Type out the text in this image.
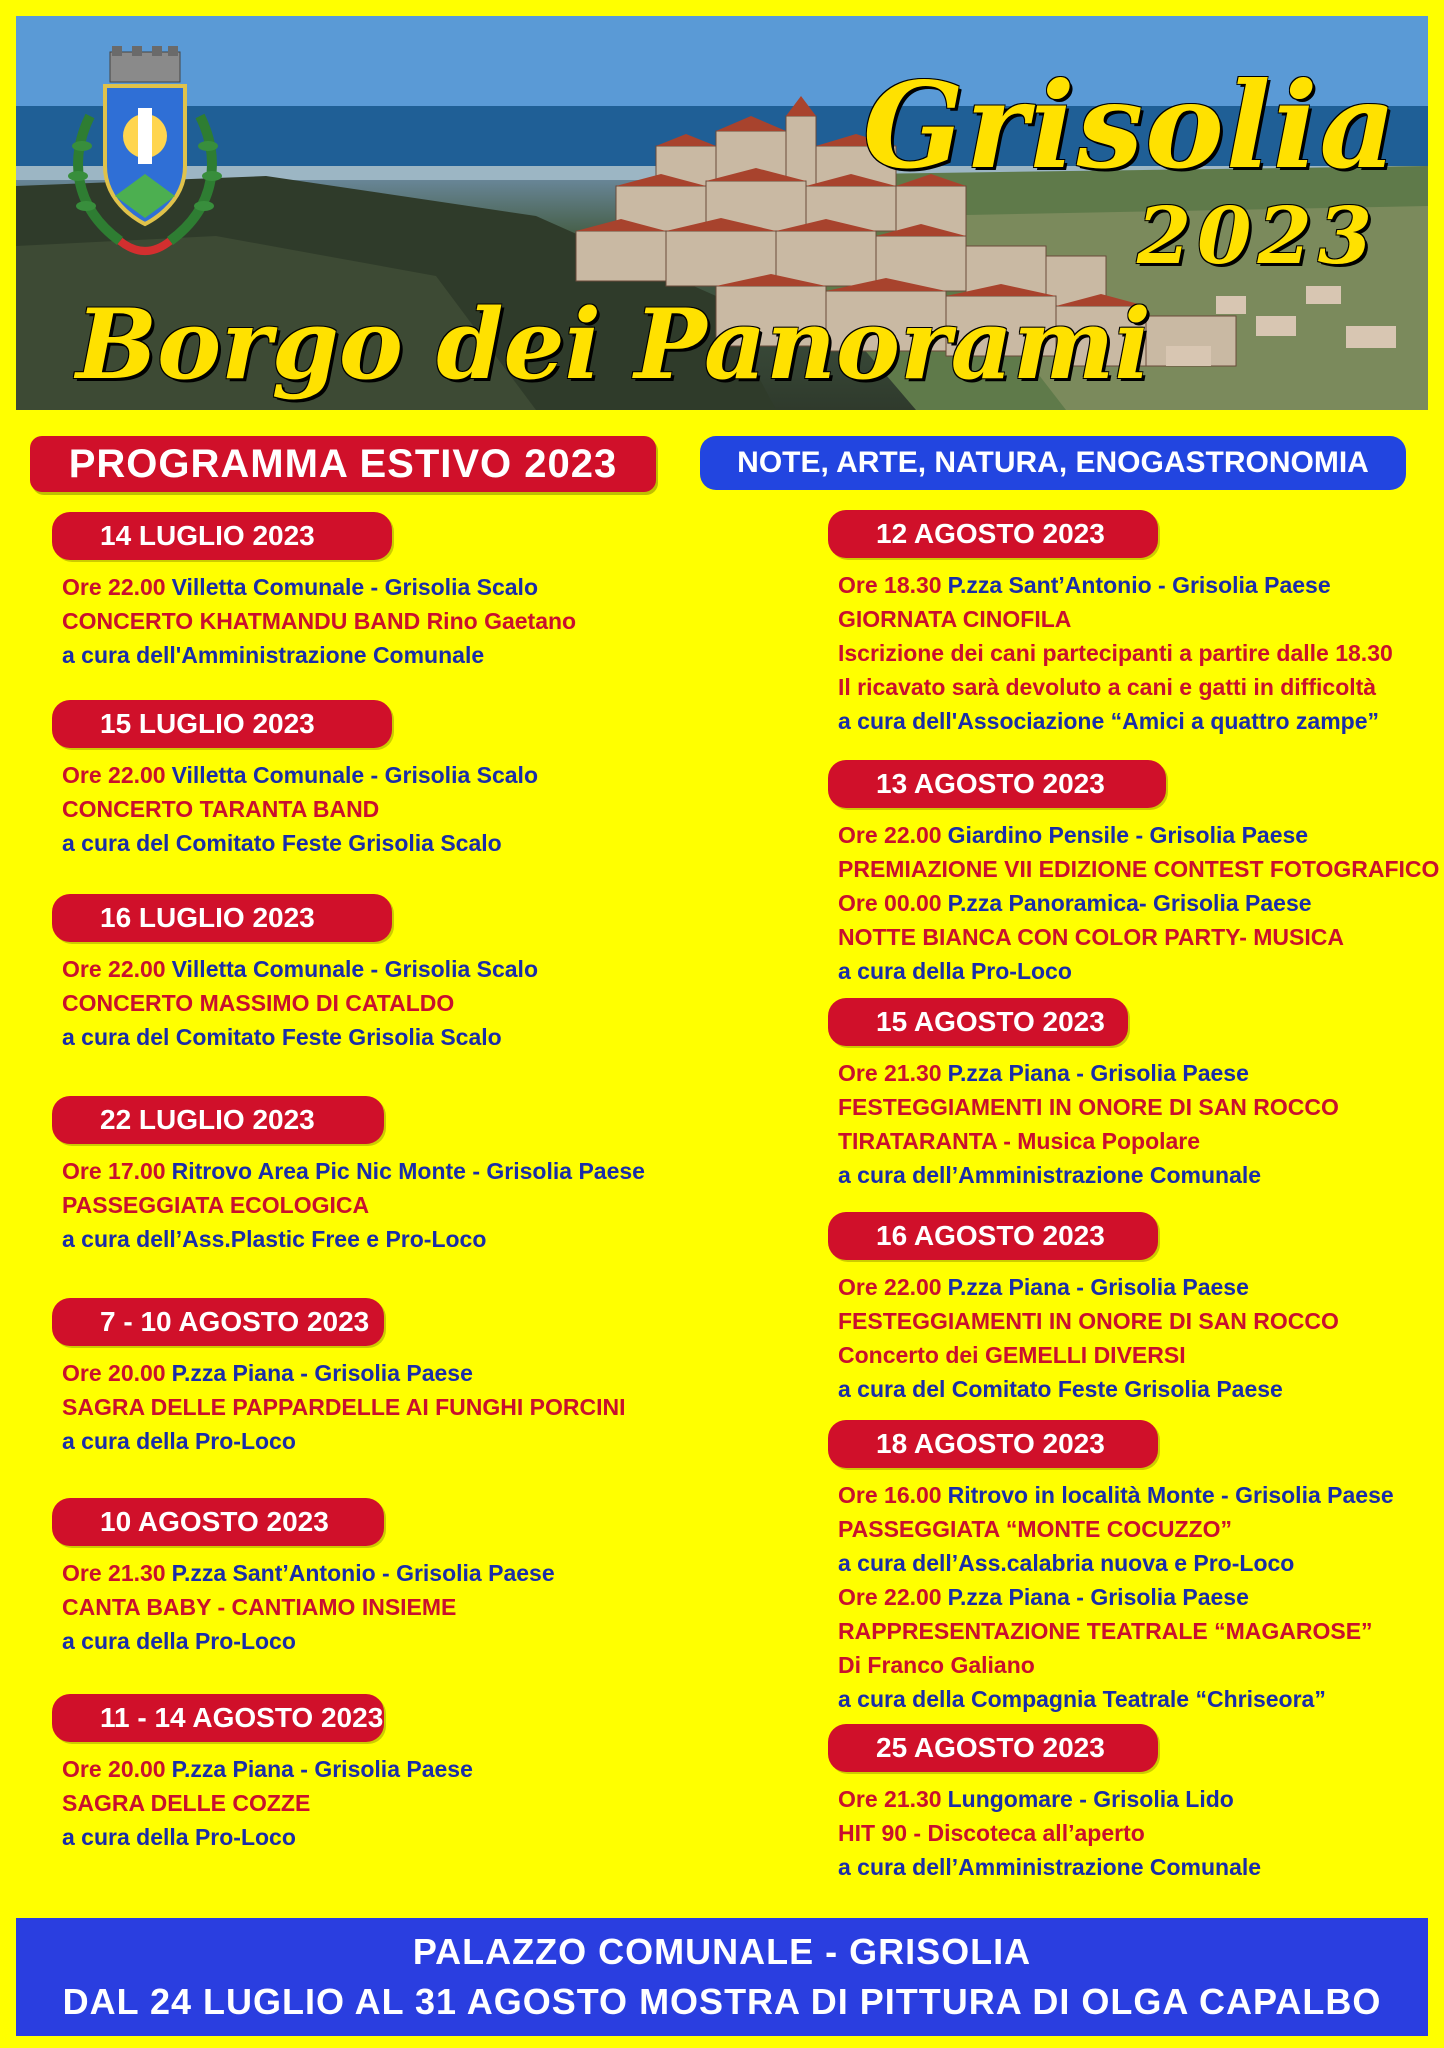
Grisolia
2023
Borgo dei Panorami
PROGRAMMA ESTIVO 2023	NOTE, ARTE, NATURA, ENOGASTRONOMIA
14 LUGLIO 2023
Ore 22.00 Villetta Comunale - Grisolia Scalo
CONCERTO KHATMANDU BAND Rino Gaetano
a cura dell'Amministrazione Comunale
15 LUGLIO 2023
Ore 22.00 Villetta Comunale - Grisolia Scalo
CONCERTO TARANTA BAND
a cura del Comitato Feste Grisolia Scalo
16 LUGLIO 2023
Ore 22.00 Villetta Comunale - Grisolia Scalo
CONCERTO MASSIMO DI CATALDO
a cura del Comitato Feste Grisolia Scalo
22 LUGLIO 2023
Ore 17.00 Ritrovo Area Pic Nic Monte - Grisolia Paese
PASSEGGIATA ECOLOGICA
a cura dell’Ass.Plastic Free e Pro-Loco
7 - 10 AGOSTO 2023
Ore 20.00 P.zza Piana - Grisolia Paese
SAGRA DELLE PAPPARDELLE AI FUNGHI PORCINI
a cura della Pro-Loco
10 AGOSTO 2023
Ore 21.30 P.zza Sant’Antonio - Grisolia Paese
CANTA BABY - CANTIAMO INSIEME
a cura della Pro-Loco
11 - 14 AGOSTO 2023
Ore 20.00 P.zza Piana - Grisolia Paese
SAGRA DELLE COZZE
a cura della Pro-Loco
12 AGOSTO 2023
Ore 18.30 P.zza Sant’Antonio - Grisolia Paese
GIORNATA CINOFILA
Iscrizione dei cani partecipanti a partire dalle 18.30
Il ricavato sarà devoluto a cani e gatti in difficoltà
a cura dell'Associazione “Amici a quattro zampe”
13 AGOSTO 2023
Ore 22.00 Giardino Pensile - Grisolia Paese
PREMIAZIONE VII EDIZIONE CONTEST FOTOGRAFICO
Ore 00.00 P.zza Panoramica- Grisolia Paese
NOTTE BIANCA CON COLOR PARTY- MUSICA
a cura della Pro-Loco
15 AGOSTO 2023
Ore 21.30 P.zza Piana - Grisolia Paese
FESTEGGIAMENTI IN ONORE DI SAN ROCCO
TIRATARANTA - Musica Popolare
a cura dell’Amministrazione Comunale
16 AGOSTO 2023
Ore 22.00 P.zza Piana - Grisolia Paese
FESTEGGIAMENTI IN ONORE DI SAN ROCCO
Concerto dei GEMELLI DIVERSI
a cura del Comitato Feste Grisolia Paese
18 AGOSTO 2023
Ore 16.00 Ritrovo in località Monte - Grisolia Paese
PASSEGGIATA “MONTE COCUZZO”
a cura dell’Ass.calabria nuova e Pro-Loco
Ore 22.00 P.zza Piana - Grisolia Paese
RAPPRESENTAZIONE TEATRALE “MAGAROSE”
Di Franco Galiano
a cura della Compagnia Teatrale “Chriseora”
25 AGOSTO 2023
Ore 21.30 Lungomare - Grisolia Lido
HIT 90 - Discoteca all’aperto
a cura dell’Amministrazione Comunale
PALAZZO COMUNALE - GRISOLIA
DAL 24 LUGLIO AL 31 AGOSTO MOSTRA DI PITTURA DI OLGA CAPALBO
